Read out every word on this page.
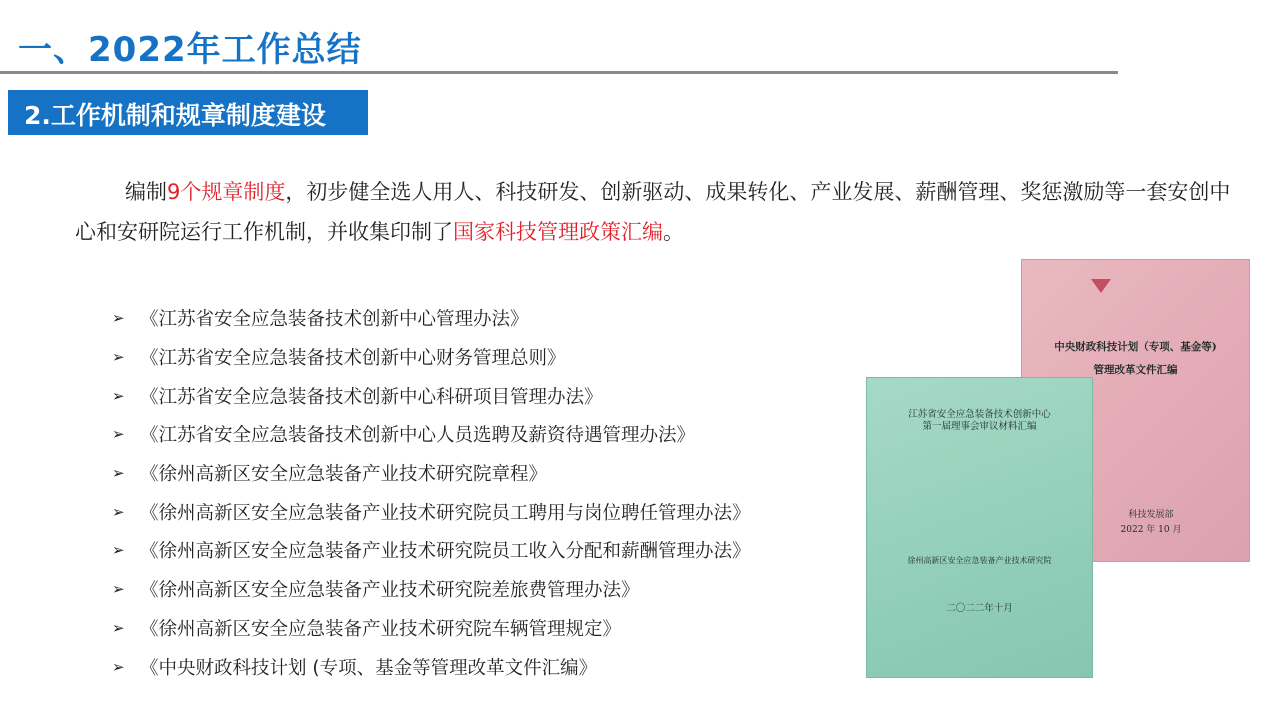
一、2022年工作总结
2.工作机制和规章制度建设
编制9个规章制度，初步健全选人用人、科技研发、创新驱动、成果转化、产业发展、薪酬管理、奖惩激励等一套安创中心和安研院运行工作机制，并收集印制了国家科技管理政策汇编。
➢ 《江苏省安全应急装备技术创新中心管理办法》
➢ 《江苏省安全应急装备技术创新中心财务管理总则》
➢ 《江苏省安全应急装备技术创新中心科研项目管理办法》
➢ 《江苏省安全应急装备技术创新中心人员选聘及薪资待遇管理办法》
➢ 《徐州高新区安全应急装备产业技术研究院章程》
➢ 《徐州高新区安全应急装备产业技术研究院员工聘用与岗位聘任管理办法》
➢ 《徐州高新区安全应急装备产业技术研究院员工收入分配和薪酬管理办法》
➢ 《徐州高新区安全应急装备产业技术研究院差旅费管理办法》
➢ 《徐州高新区安全应急装备产业技术研究院车辆管理规定》
➢ 《中央财政科技计划 (专项、基金等管理改革文件汇编》
中央财政科技计划（专项、基金等)
管理改革文件汇编
科技发展部
2022 年 10 月
江苏省安全应急装备技术创新中心
第一届理事会审议材料汇编
徐州高新区安全应急装备产业技术研究院
二〇二二年十月
